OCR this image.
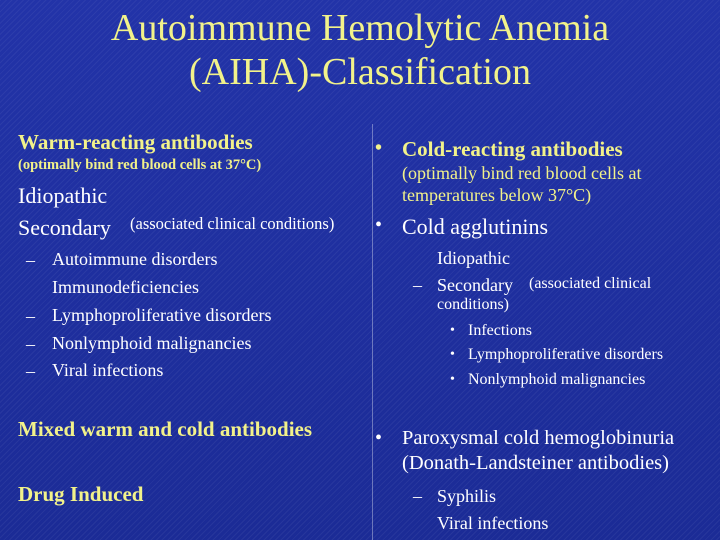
Autoimmune Hemolytic Anemia
(AIHA)-Classification
Warm-reacting antibodies
(optimally bind red blood cells at 37°C)
Idiopathic
Secondary (associated clinical conditions)
– Autoimmune disorders
Immunodeficiencies
– Lymphoproliferative disorders
– Nonlymphoid malignancies
– Viral infections
Mixed warm and cold antibodies
Drug Induced
• Cold-reacting antibodies
(optimally bind red blood cells at
temperatures below 37°C)
• Cold agglutinins
Idiopathic
– Secondary (associated clinical
conditions)
• Infections
• Lymphoproliferative disorders
• Nonlymphoid malignancies
• Paroxysmal cold hemoglobinuria
(Donath-Landsteiner antibodies)
– Syphilis
Viral infections
